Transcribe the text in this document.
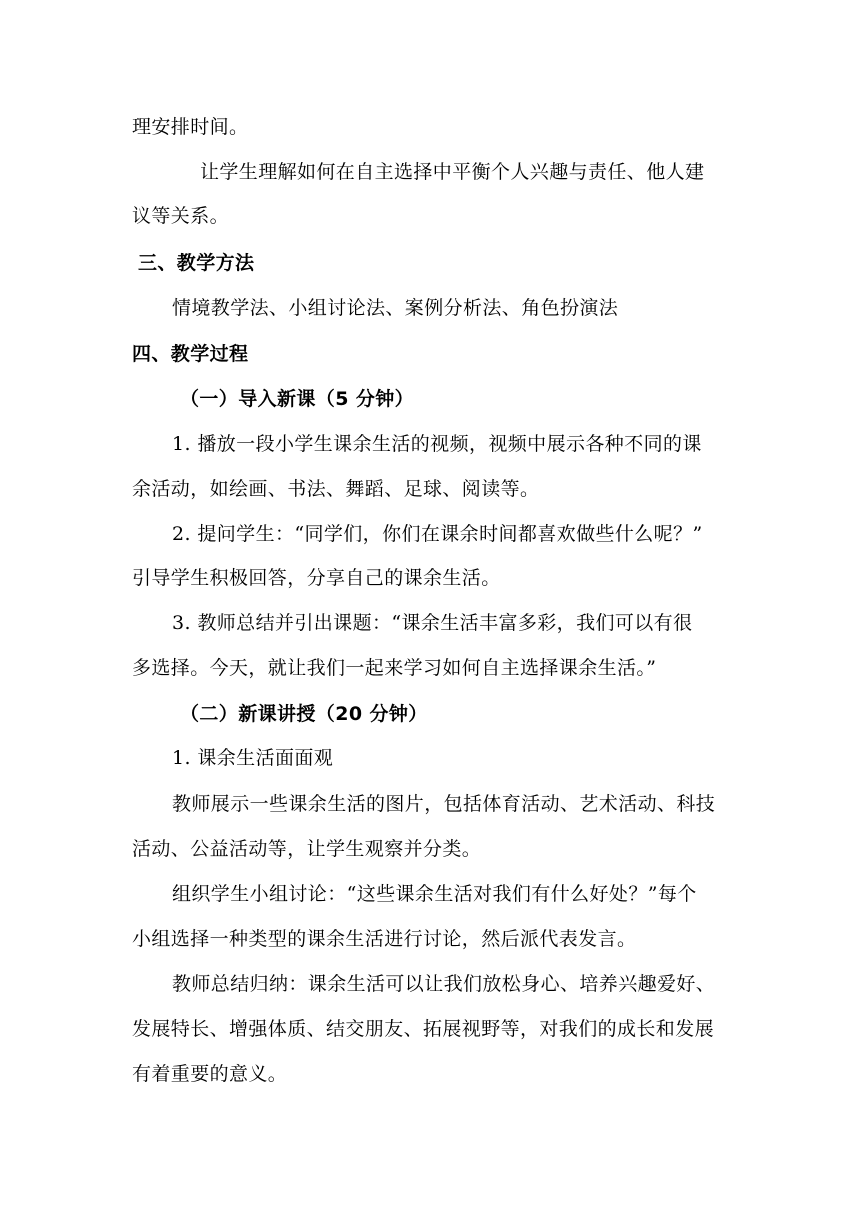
理安排时间。
让学生理解如何在自主选择中平衡个人兴趣与责任、他人建
议等关系。
三、教学方法
情境教学法、小组讨论法、案例分析法、角色扮演法
四、教学过程
（一）导入新课（5 分钟）
1. 播放一段小学生课余生活的视频，视频中展示各种不同的课
余活动，如绘画、书法、舞蹈、足球、阅读等。
2. 提问学生：“同学们，你们在课余时间都喜欢做些什么呢？”
引导学生积极回答，分享自己的课余生活。
3. 教师总结并引出课题：“课余生活丰富多彩，我们可以有很
多选择。今天，就让我们一起来学习如何自主选择课余生活。”
（二）新课讲授（20 分钟）
1. 课余生活面面观
教师展示一些课余生活的图片，包括体育活动、艺术活动、科技
活动、公益活动等，让学生观察并分类。
组织学生小组讨论：“这些课余生活对我们有什么好处？”每个
小组选择一种类型的课余生活进行讨论，然后派代表发言。
教师总结归纳：课余生活可以让我们放松身心、培养兴趣爱好、
发展特长、增强体质、结交朋友、拓展视野等，对我们的成长和发展
有着重要的意义。
